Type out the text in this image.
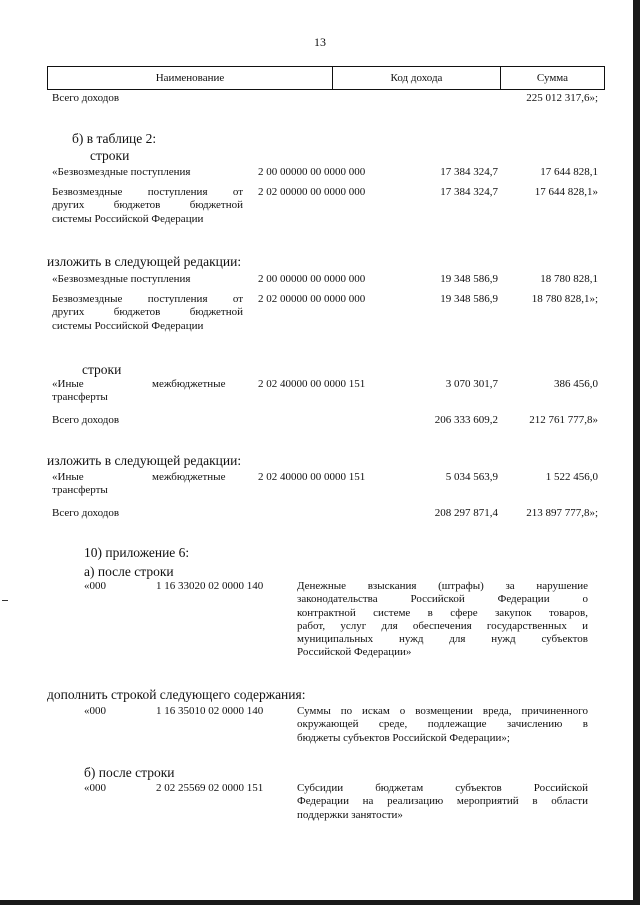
13
Наименование	Код дохода	Сумма
Всего доходов	225 012 317,6»;
б) в таблице 2:
строки
«Безвозмездные поступления	2 00 00000 00 0000 000	17 384 324,7	17 644 828,1
Безвозмездные поступления от
других бюджетов бюджетной
системы Российской Федерации
2 02 00000 00 0000 000	17 384 324,7	17 644 828,1»
изложить в следующей редакции:
«Безвозмездные поступления	2 00 00000 00 0000 000	19 348 586,9	18 780 828,1
Безвозмездные поступления от
других бюджетов бюджетной
системы Российской Федерации
2 02 00000 00 0000 000	19 348 586,9	18 780 828,1»;
строки
«Иные	межбюджетные
трансферты
2 02 40000 00 0000 151	3 070 301,7	386 456,0
Всего доходов	206 333 609,2	212 761 777,8»
изложить в следующей редакции:
«Иные	межбюджетные
трансферты
2 02 40000 00 0000 151	5 034 563,9	1 522 456,0
Всего доходов	208 297 871,4	213 897 777,8»;
10) приложение 6:
а) после строки
«000	1 16 33020 02 0000 140	Денежные взыскания (штрафы) за нарушение
законодательства Российской Федерации о
контрактной системе в сфере закупок товаров,
работ, услуг для обеспечения государственных и
муниципальных нужд для нужд субъектов
Российской Федерации»
дополнить строкой следующего содержания:
«000	1 16 35010 02 0000 140	Суммы по искам о возмещении вреда, причиненного
окружающей среде, подлежащие зачислению в
бюджеты субъектов Российской Федерации»;
б) после строки
«000	2 02 25569 02 0000 151	Субсидии бюджетам субъектов Российской
Федерации на реализацию мероприятий в области
поддержки занятости»
